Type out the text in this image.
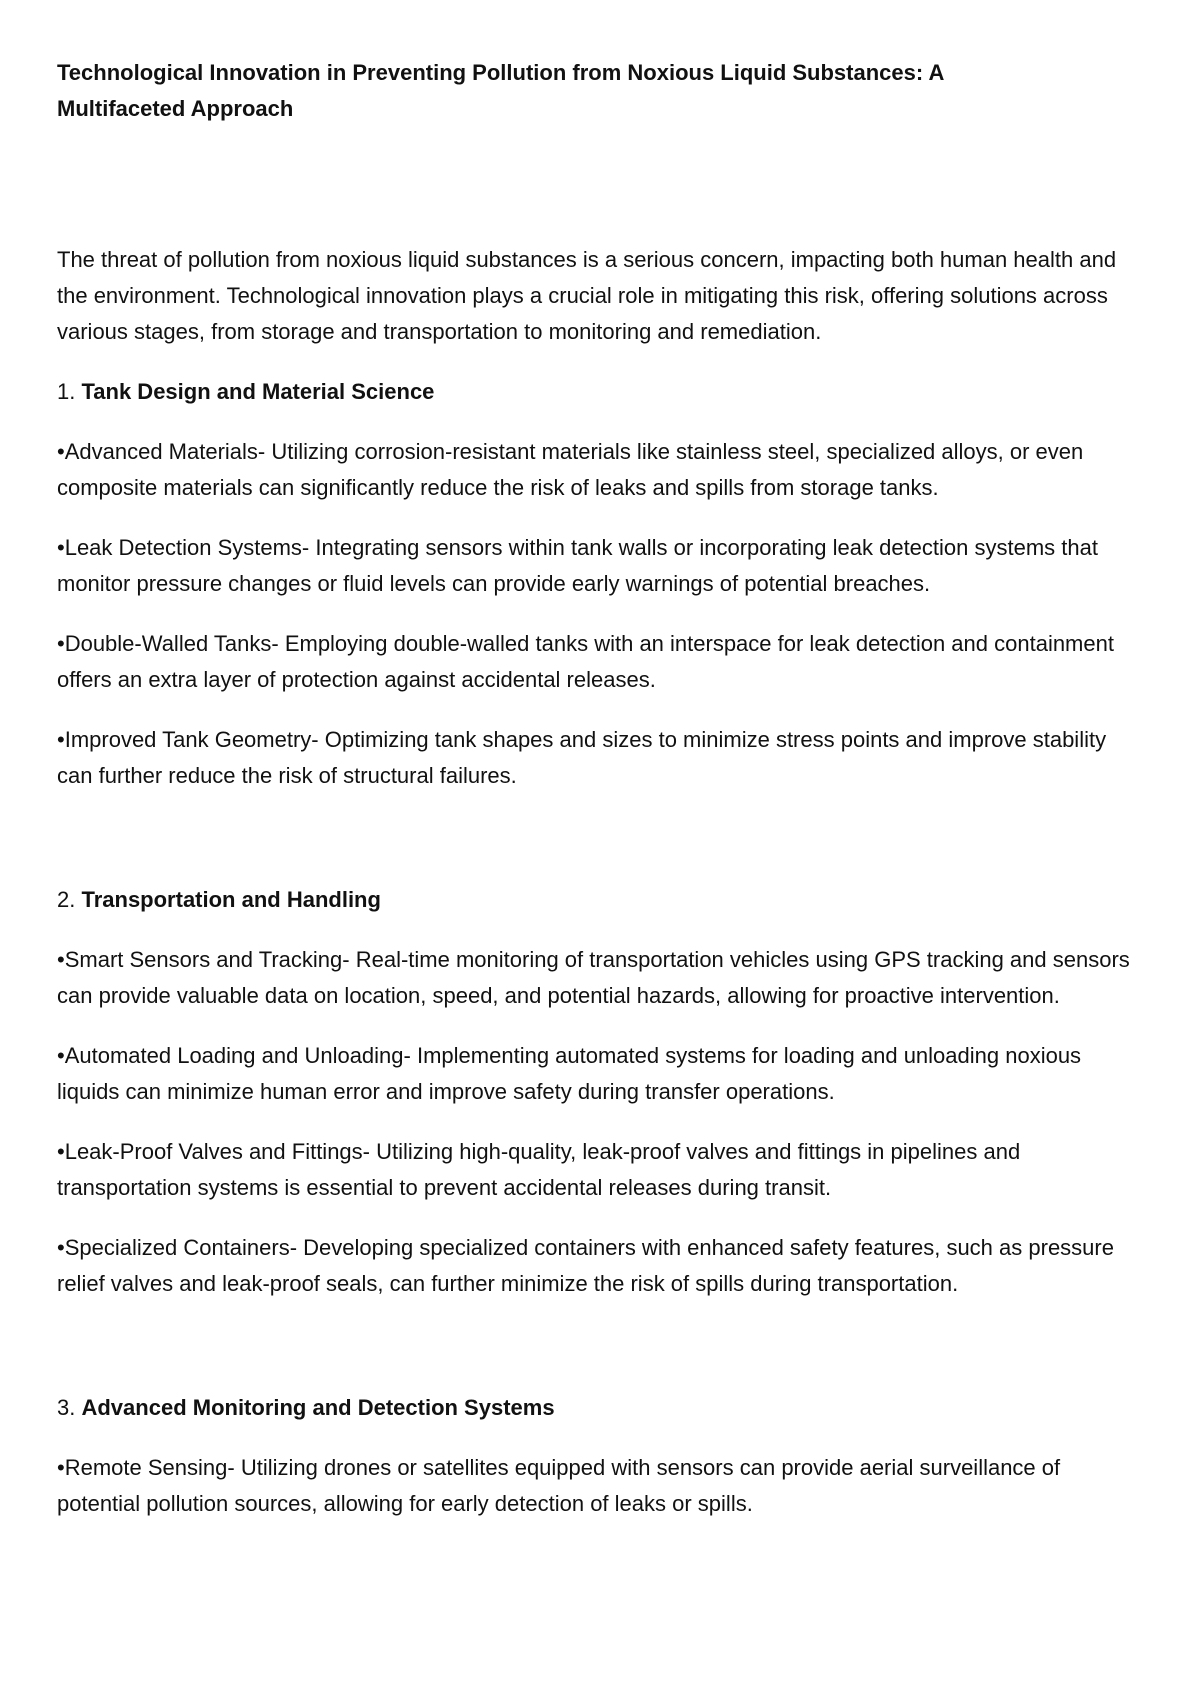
Technological Innovation in Preventing Pollution from Noxious Liquid Substances: A Multifaceted Approach

The threat of pollution from noxious liquid substances is a serious concern, impacting both human health and the environment. Technological innovation plays a crucial role in mitigating this risk, offering solutions across various stages, from storage and transportation to monitoring and remediation.

1. Tank Design and Material Science

•Advanced Materials- Utilizing corrosion-resistant materials like stainless steel, specialized alloys, or even composite materials can significantly reduce the risk of leaks and spills from storage tanks.

•Leak Detection Systems- Integrating sensors within tank walls or incorporating leak detection systems that monitor pressure changes or fluid levels can provide early warnings of potential breaches.

•Double-Walled Tanks- Employing double-walled tanks with an interspace for leak detection and containment offers an extra layer of protection against accidental releases.

•Improved Tank Geometry- Optimizing tank shapes and sizes to minimize stress points and improve stability can further reduce the risk of structural failures.

2. Transportation and Handling

•Smart Sensors and Tracking- Real-time monitoring of transportation vehicles using GPS tracking and sensors can provide valuable data on location, speed, and potential hazards, allowing for proactive intervention.

•Automated Loading and Unloading- Implementing automated systems for loading and unloading noxious liquids can minimize human error and improve safety during transfer operations.

•Leak-Proof Valves and Fittings- Utilizing high-quality, leak-proof valves and fittings in pipelines and transportation systems is essential to prevent accidental releases during transit.

•Specialized Containers- Developing specialized containers with enhanced safety features, such as pressure relief valves and leak-proof seals, can further minimize the risk of spills during transportation.

3. Advanced Monitoring and Detection Systems

•Remote Sensing- Utilizing drones or satellites equipped with sensors can provide aerial surveillance of potential pollution sources, allowing for early detection of leaks or spills.
